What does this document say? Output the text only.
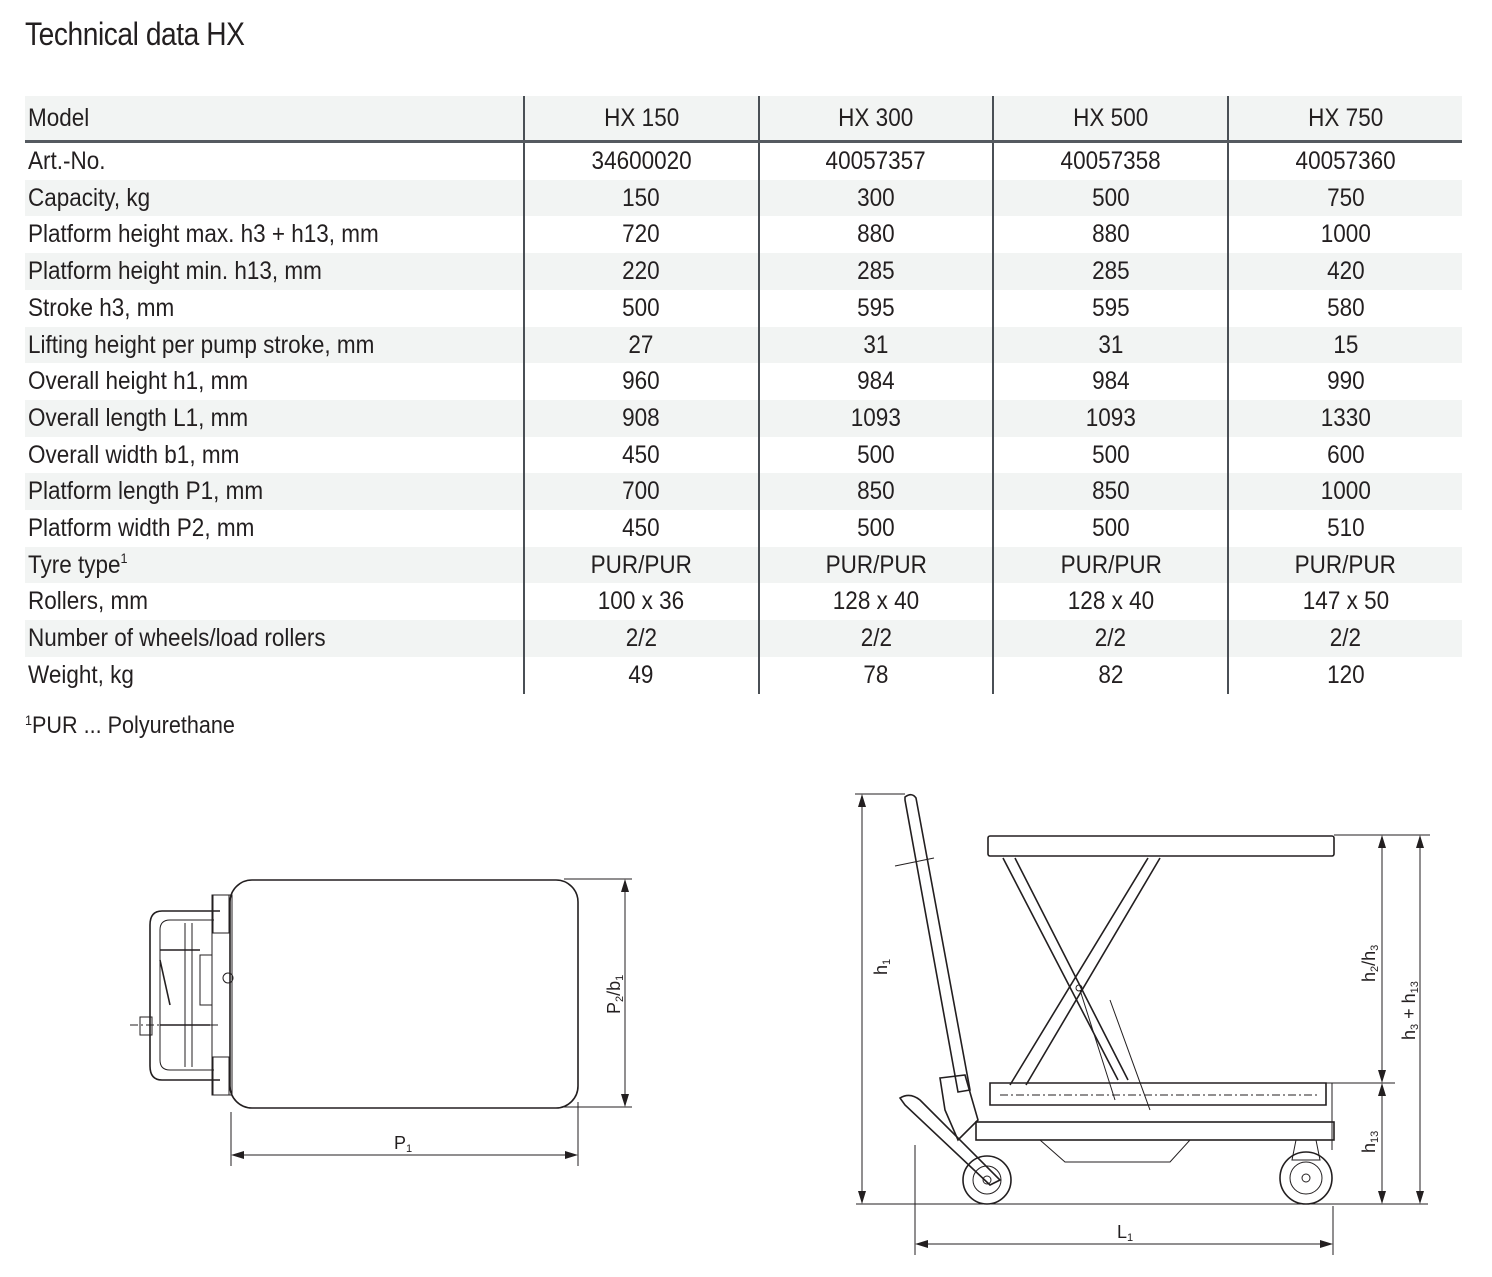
Technical data HX
Model	HX 150	HX 300	HX 500	HX 750
Art.-No.	34600020	40057357	40057358	40057360
Capacity, kg	150	300	500	750
Platform height max. h3 + h13, mm	720	880	880	1000
Platform height min. h13, mm	220	285	285	420
Stroke h3, mm	500	595	595	580
Lifting height per pump stroke, mm	27	31	31	15
Overall height h1, mm	960	984	984	990
Overall length L1, mm	908	1093	1093	1330
Overall width b1, mm	450	500	500	600
Platform length P1, mm	700	850	850	1000
Platform width P2, mm	450	500	500	510
Tyre type$^1$	PUR/PUR	PUR/PUR	PUR/PUR	PUR/PUR
Rollers, mm	100 x 36	128 x 40	128 x 40	147 x 50
Number of wheels/load rollers	2/2	2/2	2/2	2/2
Weight, kg	49	78	82	120
$^1$PUR ... Polyurethane
P1
P2/b1
h1
h2/h3
h13
h3 + h13
L1
